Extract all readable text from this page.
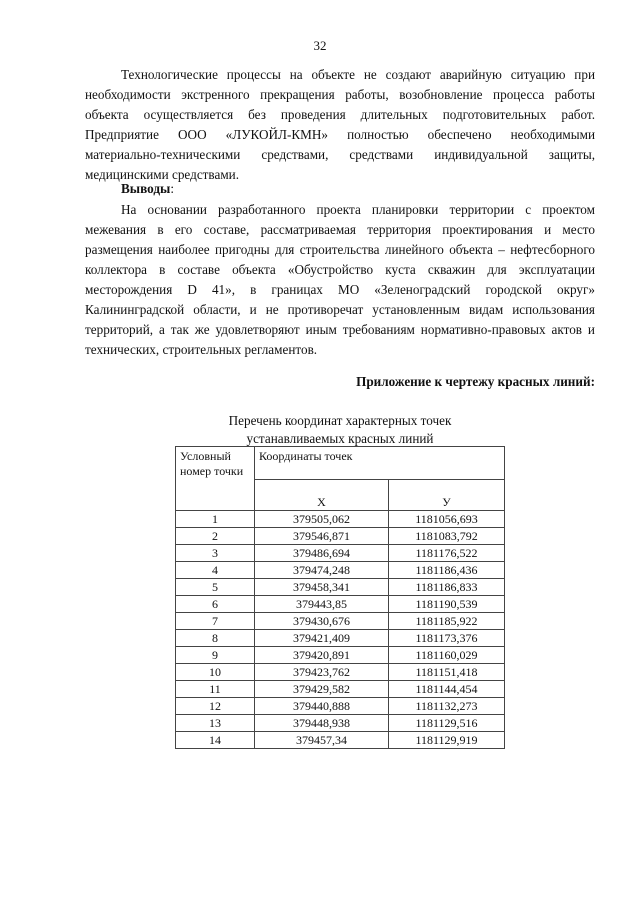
32
Технологические процессы на объекте не создают аварийную ситуацию при необходимости экстренного прекращения работы, возобновление процесса работы объекта осуществляется без проведения длительных подготовительных работ. Предприятие ООО «ЛУКОЙЛ-КМН» полностью обеспечено необходимыми материально-техническими средствами, средствами индивидуальной защиты, медицинскими средствами.
Выводы:
На основании разработанного проекта планировки территории с проектом межевания в его составе, рассматриваемая территория проектирования и место размещения наиболее пригодны для строительства линейного объекта – нефтесборного коллектора в составе объекта «Обустройство куста скважин для эксплуатации месторождения D 41», в границах МО «Зеленоградский городской округ» Калининградской области, и не противоречат установленным видам использования территорий, а так же удовлетворяют иным требованиям нормативно-правовых актов и технических, строительных регламентов.
Приложение к чертежу красных линий:
Перечень координат характерных точек
устанавливаемых красных линий
Условный номер точки	Координаты точек	
	X	У
1	379505,062	1181056,693
2	379546,871	1181083,792
3	379486,694	1181176,522
4	379474,248	1181186,436
5	379458,341	1181186,833
6	379443,85	1181190,539
7	379430,676	1181185,922
8	379421,409	1181173,376
9	379420,891	1181160,029
10	379423,762	1181151,418
11	379429,582	1181144,454
12	379440,888	1181132,273
13	379448,938	1181129,516
14	379457,34	1181129,919
